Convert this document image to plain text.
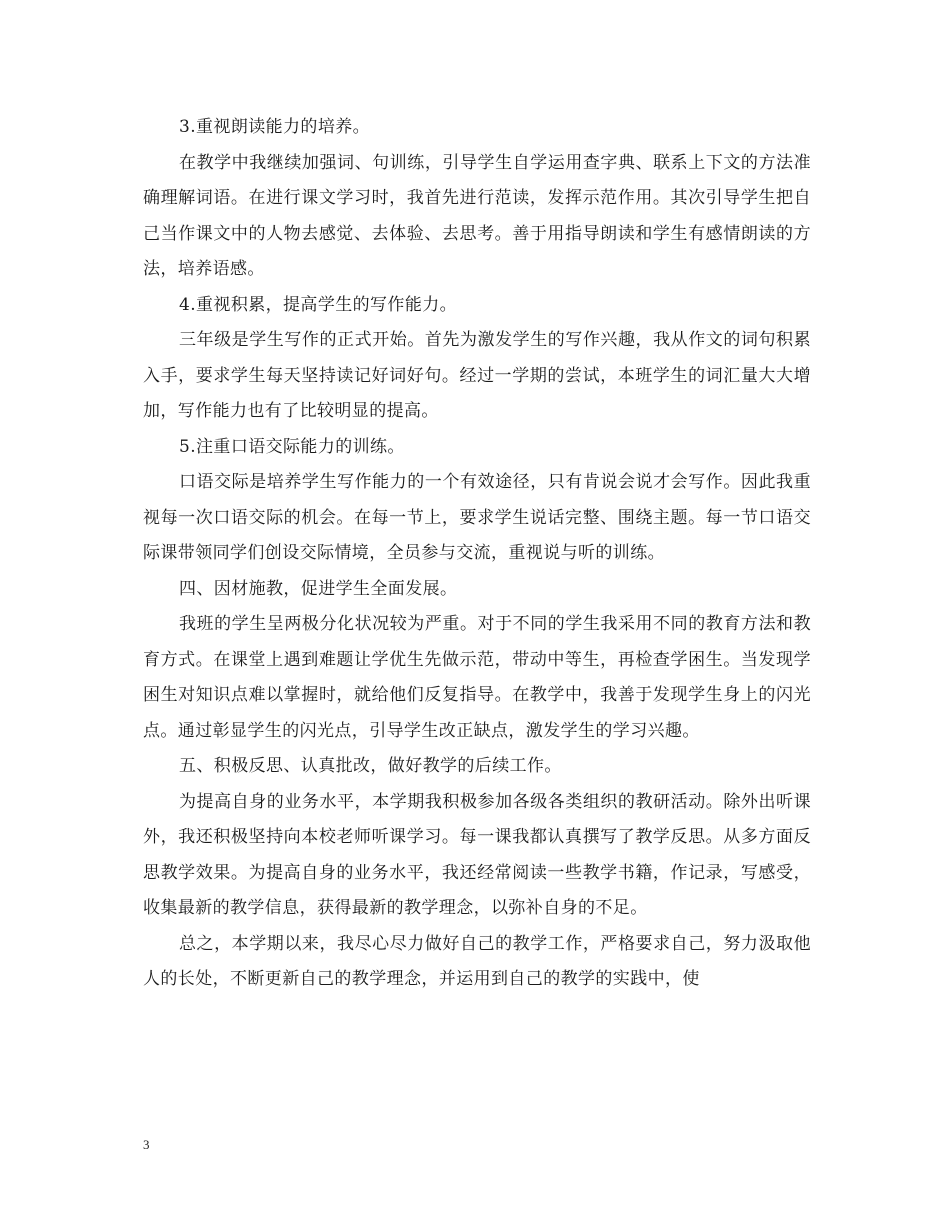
3.重视朗读能力的培养。

在教学中我继续加强词、句训练，引导学生自学运用查字典、联系上下文的方法准确理解词语。在进行课文学习时，我首先进行范读，发挥示范作用。其次引导学生把自己当作课文中的人物去感觉、去体验、去思考。善于用指导朗读和学生有感情朗读的方法，培养语感。

4.重视积累，提高学生的写作能力。

三年级是学生写作的正式开始。首先为激发学生的写作兴趣，我从作文的词句积累入手，要求学生每天坚持读记好词好句。经过一学期的尝试，本班学生的词汇量大大增加，写作能力也有了比较明显的提高。

5.注重口语交际能力的训练。

口语交际是培养学生写作能力的一个有效途径，只有肯说会说才会写作。因此我重视每一次口语交际的机会。在每一节上，要求学生说话完整、围绕主题。每一节口语交际课带领同学们创设交际情境，全员参与交流，重视说与听的训练。

四、因材施教，促进学生全面发展。

我班的学生呈两极分化状况较为严重。对于不同的学生我采用不同的教育方法和教育方式。在课堂上遇到难题让学优生先做示范，带动中等生，再检查学困生。当发现学困生对知识点难以掌握时，就给他们反复指导。在教学中，我善于发现学生身上的闪光点。通过彰显学生的闪光点，引导学生改正缺点，激发学生的学习兴趣。

五、积极反思、认真批改，做好教学的后续工作。

为提高自身的业务水平，本学期我积极参加各级各类组织的教研活动。除外出听课外，我还积极坚持向本校老师听课学习。每一课我都认真撰写了教学反思。从多方面反思教学效果。为提高自身的业务水平，我还经常阅读一些教学书籍，作记录，写感受，收集最新的教学信息，获得最新的教学理念，以弥补自身的不足。

总之，本学期以来，我尽心尽力做好自己的教学工作，严格要求自己，努力汲取他人的长处，不断更新自己的教学理念，并运用到自己的教学的实践中，使

3
